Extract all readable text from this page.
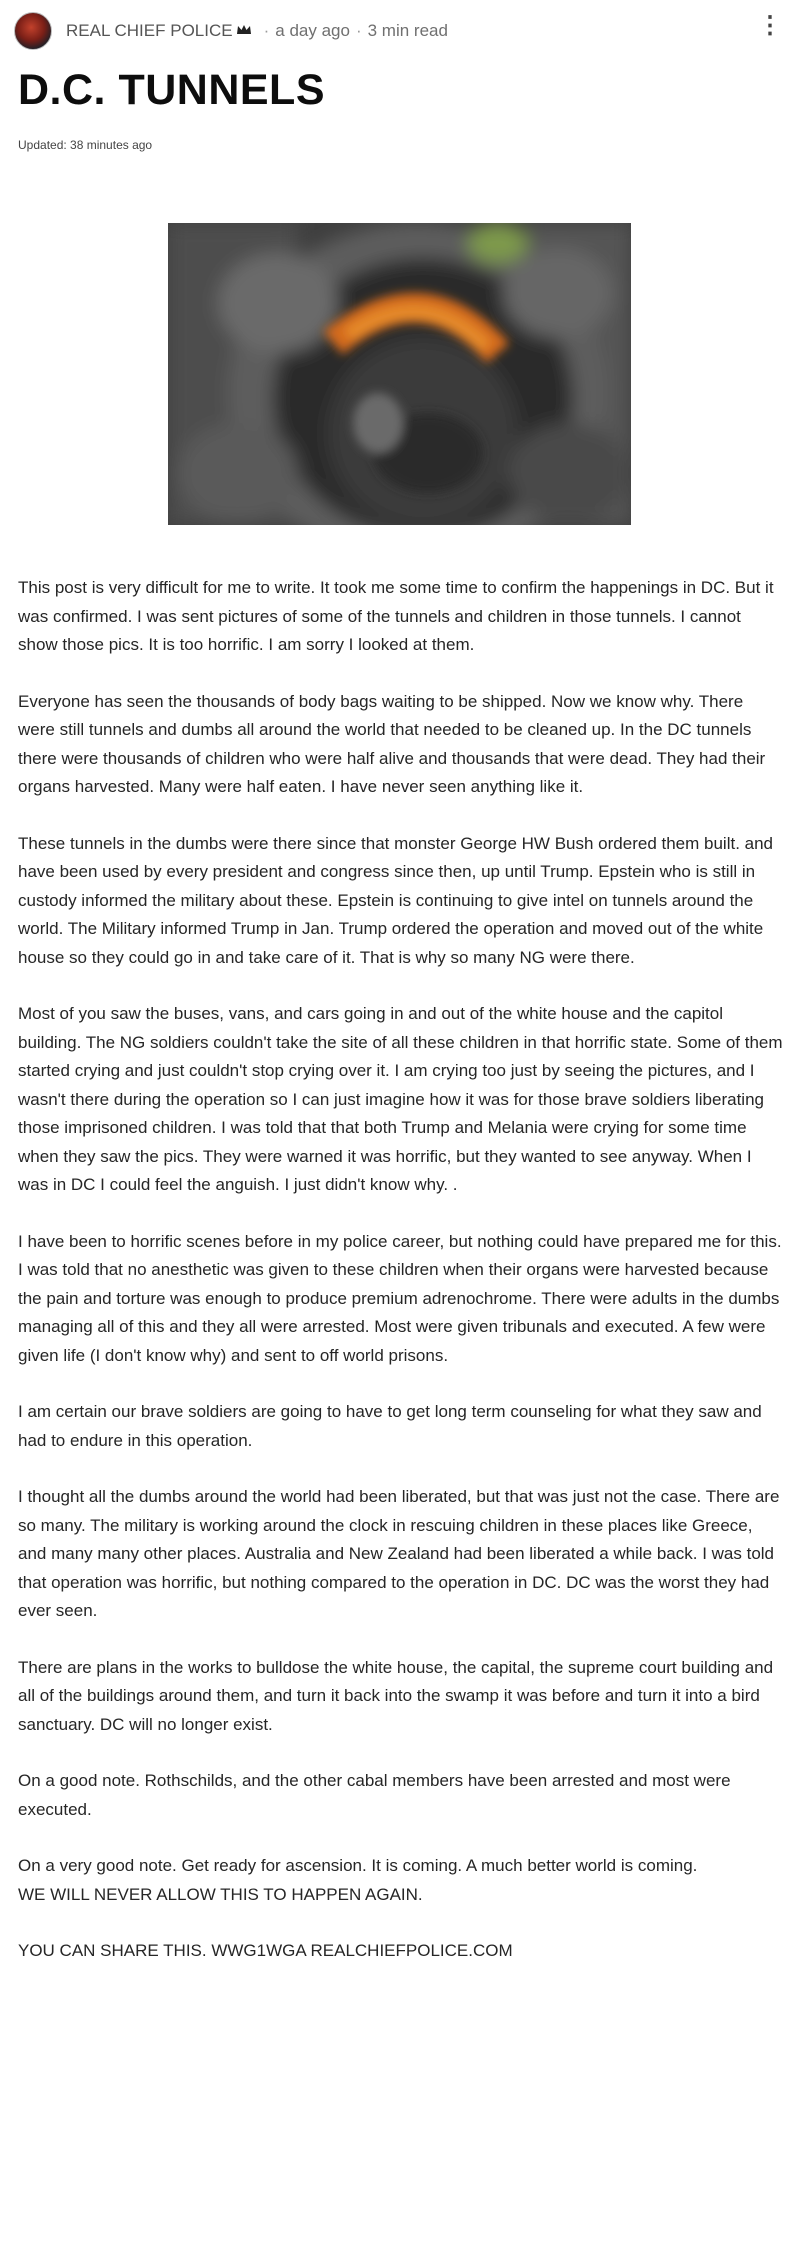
REAL CHIEF POLICE · a day ago · 3 min read	⋮
D.C. TUNNELS
Updated: 38 minutes ago

This post is very difficult for me to write. It took me some time to confirm the happenings in DC. But it was confirmed. I was sent pictures of some of the tunnels and children in those tunnels. I cannot show those pics. It is too horrific. I am sorry I looked at them.

Everyone has seen the thousands of body bags waiting to be shipped. Now we know why. There were still tunnels and dumbs all around the world that needed to be cleaned up. In the DC tunnels there were thousands of children who were half alive and thousands that were dead. They had their organs harvested. Many were half eaten. I have never seen anything like it.

These tunnels in the dumbs were there since that monster George HW Bush ordered them built. and have been used by every president and congress since then, up until Trump. Epstein who is still in custody informed the military about these. Epstein is continuing to give intel on tunnels around the world. The Military informed Trump in Jan. Trump ordered the operation and moved out of the white house so they could go in and take care of it. That is why so many NG were there.

Most of you saw the buses, vans, and cars going in and out of the white house and the capitol building. The NG soldiers couldn't take the site of all these children in that horrific state. Some of them started crying and just couldn't stop crying over it. I am crying too just by seeing the pictures, and I wasn't there during the operation so I can just imagine how it was for those brave soldiers liberating those imprisoned children. I was told that that both Trump and Melania were crying for some time when they saw the pics. They were warned it was horrific, but they wanted to see anyway. When I was in DC I could feel the anguish. I just didn't know why. .

I have been to horrific scenes before in my police career, but nothing could have prepared me for this. I was told that no anesthetic was given to these children when their organs were harvested because the pain and torture was enough to produce premium adrenochrome. There were adults in the dumbs managing all of this and they all were arrested. Most were given tribunals and executed. A few were given life (I don't know why) and sent to off world prisons.

I am certain our brave soldiers are going to have to get long term counseling for what they saw and had to endure in this operation.

I thought all the dumbs around the world had been liberated, but that was just not the case. There are so many. The military is working around the clock in rescuing children in these places like Greece, and many many other places. Australia and New Zealand had been liberated a while back. I was told that operation was horrific, but nothing compared to the operation in DC. DC was the worst they had ever seen.

There are plans in the works to bulldose the white house, the capital, the supreme court building and all of the buildings around them, and turn it back into the swamp it was before and turn it into a bird sanctuary. DC will no longer exist.

On a good note. Rothschilds, and the other cabal members have been arrested and most were executed.

On a very good note. Get ready for ascension. It is coming. A much better world is coming.

WE WILL NEVER ALLOW THIS TO HAPPEN AGAIN.

YOU CAN SHARE THIS. WWG1WGA REALCHIEFPOLICE.COM
